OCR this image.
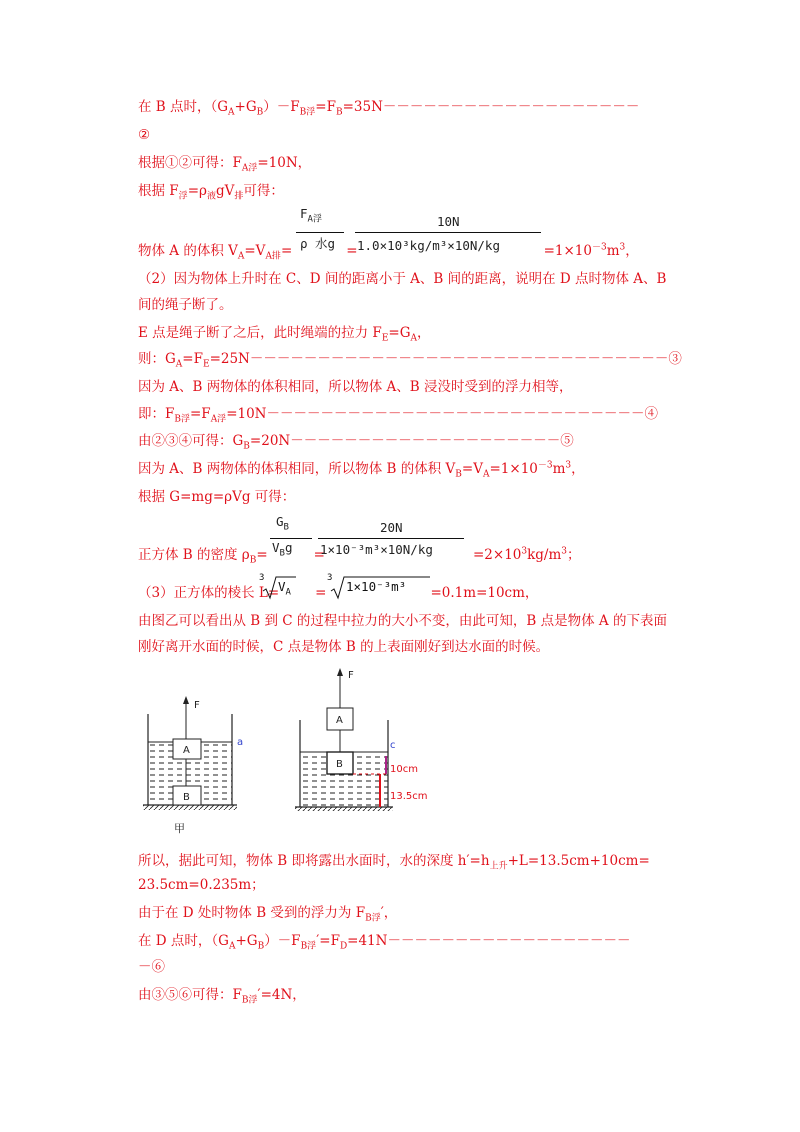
在 B 点时，$(G_A+G_B)-F_{B浮}=F_B=35N-------------------$
②
根据①②可得：$F_{A浮}=10N$，
根据 $F_浮=\rho_液gV_排$可得：
物体 A 的体积 $V_A=V_{A排}=$	=	$=1\times 10^{-3}m^3$，
$F_{A浮}$
ρ 水g
10N
1.0×10³kg/m³×10N/kg
（2）因为物体上升时在 C、D 间的距离小于 A、B 间的距离，说明在 D 点时物体 A、B
间的绳子断了。
E 点是绳子断了之后，此时绳端的拉力 $F_E=G_A$，
则：$G_A=F_E=25N-------------------------------③$
因为 A、B 两物体的体积相同，所以物体 A、B 浸没时受到的浮力相等，
即：$F_{B浮}=F_{A浮}=10N----------------------------④$
由②③④可得：$G_B=20N--------------------⑤$
因为 A、B 两物体的体积相同，所以物体 B 的体积 $V_B=V_A=1\times 10^{-3}m^3$，
根据 G=mg=ρVg 可得：
正方体 B 的密度 $\rho_B=$	=	$=2\times 10^3kg/m^3$；
$G_B$
$V_Bg$
20N
1×10⁻³m³×10N/kg
（3）正方体的棱长 L=	=	=0.1m=10cm，
3
$V_A$
3
1×10⁻³m³
由图乙可以看出从 B 到 C 的过程中拉力的大小不变，由此可知，B 点是物体 A 的下表面
刚好离开水面的时候，C 点是物体 B 的上表面刚好到达水面的时候。
F
A
B
a
甲
F
A
B
c
10cm
13.5cm
所以，据此可知，物体 B 即将露出水面时，水的深度 $h'=h_{上升}+L=13.5cm+10cm=$
23.5cm=0.235m；
由于在 D 处时物体 B 受到的浮力为 $F_{B浮}'$，
在 D 点时，$(G_A+G_B)-F_{B浮}'=F_D=41N------------------$
－⑥
由③⑤⑥可得：$F_{B浮}'=4N$，
